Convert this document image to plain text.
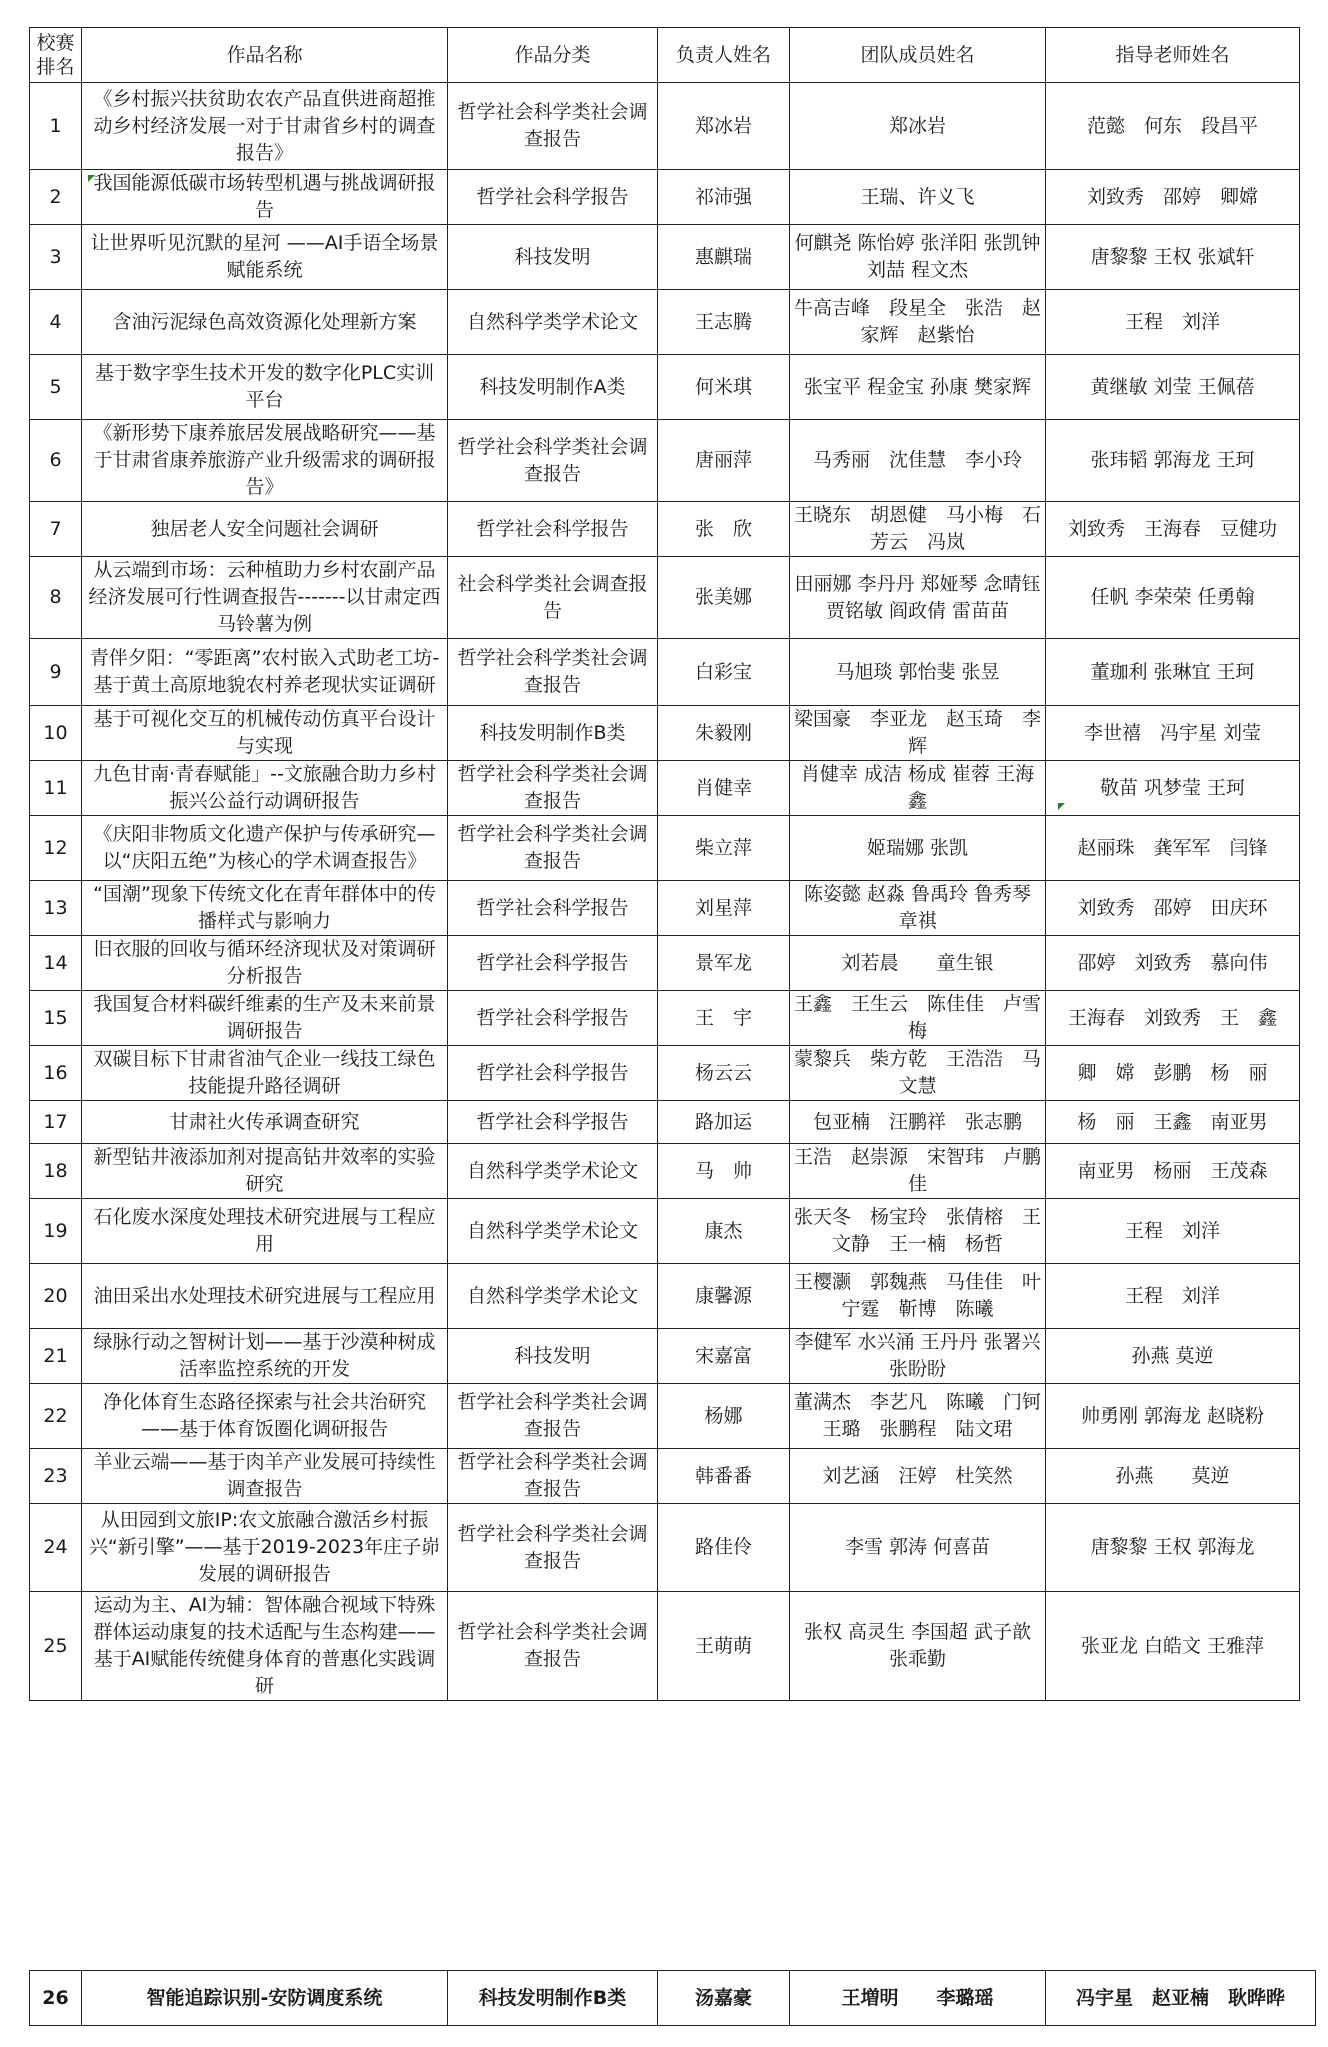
校赛排名	作品名称	作品分类	负责人姓名	团队成员姓名	指导老师姓名
1	《乡村振兴扶贫助农农产品直供进商超推动乡村经济发展一对于甘肃省乡村的调查报告》	哲学社会科学类社会调查报告	郑冰岩	郑冰岩	范懿　何东　段昌平
2	我国能源低碳市场转型机遇与挑战调研报告	哲学社会科学报告	祁沛强	王瑞、许义飞	刘致秀　邵婷　卿嫦
3	让世界听见沉默的星河 ——AI手语全场景赋能系统	科技发明	惠麒瑞	何麒尧 陈怡婷 张洋阳 张凯钟 刘喆 程文杰	唐黎黎 王权 张斌轩
4	含油污泥绿色高效资源化处理新方案	自然科学类学术论文	王志腾	牛高吉峰　段星全　张浩　赵家辉　赵紫怡	王程　刘洋
5	基于数字孪生技术开发的数字化PLC实训平台	科技发明制作A类	何米琪	张宝平 程金宝 孙康 樊家辉	黄继敏 刘莹 王佩蓓
6	《新形势下康养旅居发展战略研究——基于甘肃省康养旅游产业升级需求的调研报告》	哲学社会科学类社会调查报告	唐丽萍	马秀丽　沈佳慧　李小玲	张玮韬 郭海龙 王珂
7	独居老人安全问题社会调研	哲学社会科学报告	张　欣	王晓东　胡恩健　马小梅　石芳云　冯岚	刘致秀　王海春　豆健功
8	从云端到市场：云种植助力乡村农副产品经济发展可行性调查报告-------以甘肃定西马铃薯为例	社会科学类社会调查报告	张美娜	田丽娜 李丹丹 郑娅琴 念晴钰 贾铭敏 阎政倩 雷苗苗	任帆 李荣荣 任勇翰
9	青伴夕阳：“零距离”农村嵌入式助老工坊-基于黄土高原地貌农村养老现状实证调研	哲学社会科学类社会调查报告	白彩宝	马旭琰 郭怡斐 张昱	董珈利 张琳宜 王珂
10	基于可视化交互的机械传动仿真平台设计与实现	科技发明制作B类	朱毅刚	梁国豪　李亚龙　赵玉琦　李辉	李世禧　冯宇星 刘莹
11	九色甘南·青春赋能」--文旅融合助力乡村振兴公益行动调研报告	哲学社会科学类社会调查报告	肖健幸	肖健幸 成洁 杨成 崔蓉 王海鑫	敬苗 巩梦莹 王珂
12	《庆阳非物质文化遗产保护与传承研究—以“庆阳五绝”为核心的学术调查报告》	哲学社会科学类社会调查报告	柴立萍	姬瑞娜 张凯	赵丽珠　龚军军　闫锋
13	“国潮”现象下传统文化在青年群体中的传播样式与影响力	哲学社会科学报告	刘星萍	陈姿懿 赵淼 鲁禹玲 鲁秀琴 章祺	刘致秀　邵婷　田庆环
14	旧衣服的回收与循环经济现状及对策调研分析报告	哲学社会科学报告	景军龙	刘若晨　　童生银	邵婷　刘致秀　慕向伟
15	我国复合材料碳纤维素的生产及未来前景调研报告	哲学社会科学报告	王　宇	王鑫　王生云　陈佳佳　卢雪梅	王海春　刘致秀　王　鑫
16	双碳目标下甘肃省油气企业一线技工绿色技能提升路径调研	哲学社会科学报告	杨云云	蒙黎兵　柴方乾　王浩浩　马文慧	卿　嫦　彭鹏　杨　丽
17	甘肃社火传承调查研究	哲学社会科学报告	路加运	包亚楠　汪鹏祥　张志鹏	杨　丽　王鑫　南亚男
18	新型钻井液添加剂对提高钻井效率的实验研究	自然科学类学术论文	马　帅	王浩　赵崇源　宋智玮　卢鹏佳	南亚男　杨丽　王茂森
19	石化废水深度处理技术研究进展与工程应用	自然科学类学术论文	康杰	张天冬　杨宝玲　张倩榕　王文静　王一楠　杨哲	王程　刘洋
20	油田采出水处理技术研究进展与工程应用	自然科学类学术论文	康馨源	王樱灏　郭魏燕　马佳佳　叶宁霆　靳博　陈曦	王程　刘洋
21	绿脉行动之智树计划——基于沙漠种树成活率监控系统的开发	科技发明	宋嘉富	李健军 水兴涌 王丹丹 张署兴 张盼盼	孙燕 莫逆
22	净化体育生态路径探索与社会共治研究——基于体育饭圈化调研报告	哲学社会科学类社会调查报告	杨娜	董满杰　李艺凡　陈曦　门钶　王璐　张鹏程　陆文珺	帅勇刚 郭海龙 赵晓粉
23	羊业云端——基于肉羊产业发展可持续性调查报告	哲学社会科学类社会调查报告	韩番番	刘艺涵　汪婷　杜笑然	孙燕　　莫逆
24	从田园到文旅IP:农文旅融合激活乡村振兴“新引擎”——基于2019-2023年庄子峁发展的调研报告	哲学社会科学类社会调查报告	路佳伶	李雪 郭涛 何喜苗	唐黎黎 王权 郭海龙
25	运动为主、AI为辅：智体融合视域下特殊群体运动康复的技术适配与生态构建——基于AI赋能传统健身体育的普惠化实践调研	哲学社会科学类社会调查报告	王萌萌	张权 高灵生 李国超 武子歆 张乖勤	张亚龙 白皓文 王雅萍
26	智能追踪识别-安防调度系统	科技发明制作B类	汤嘉豪	王増明　　李璐瑶	冯宇星　赵亚楠　耿晔晔
